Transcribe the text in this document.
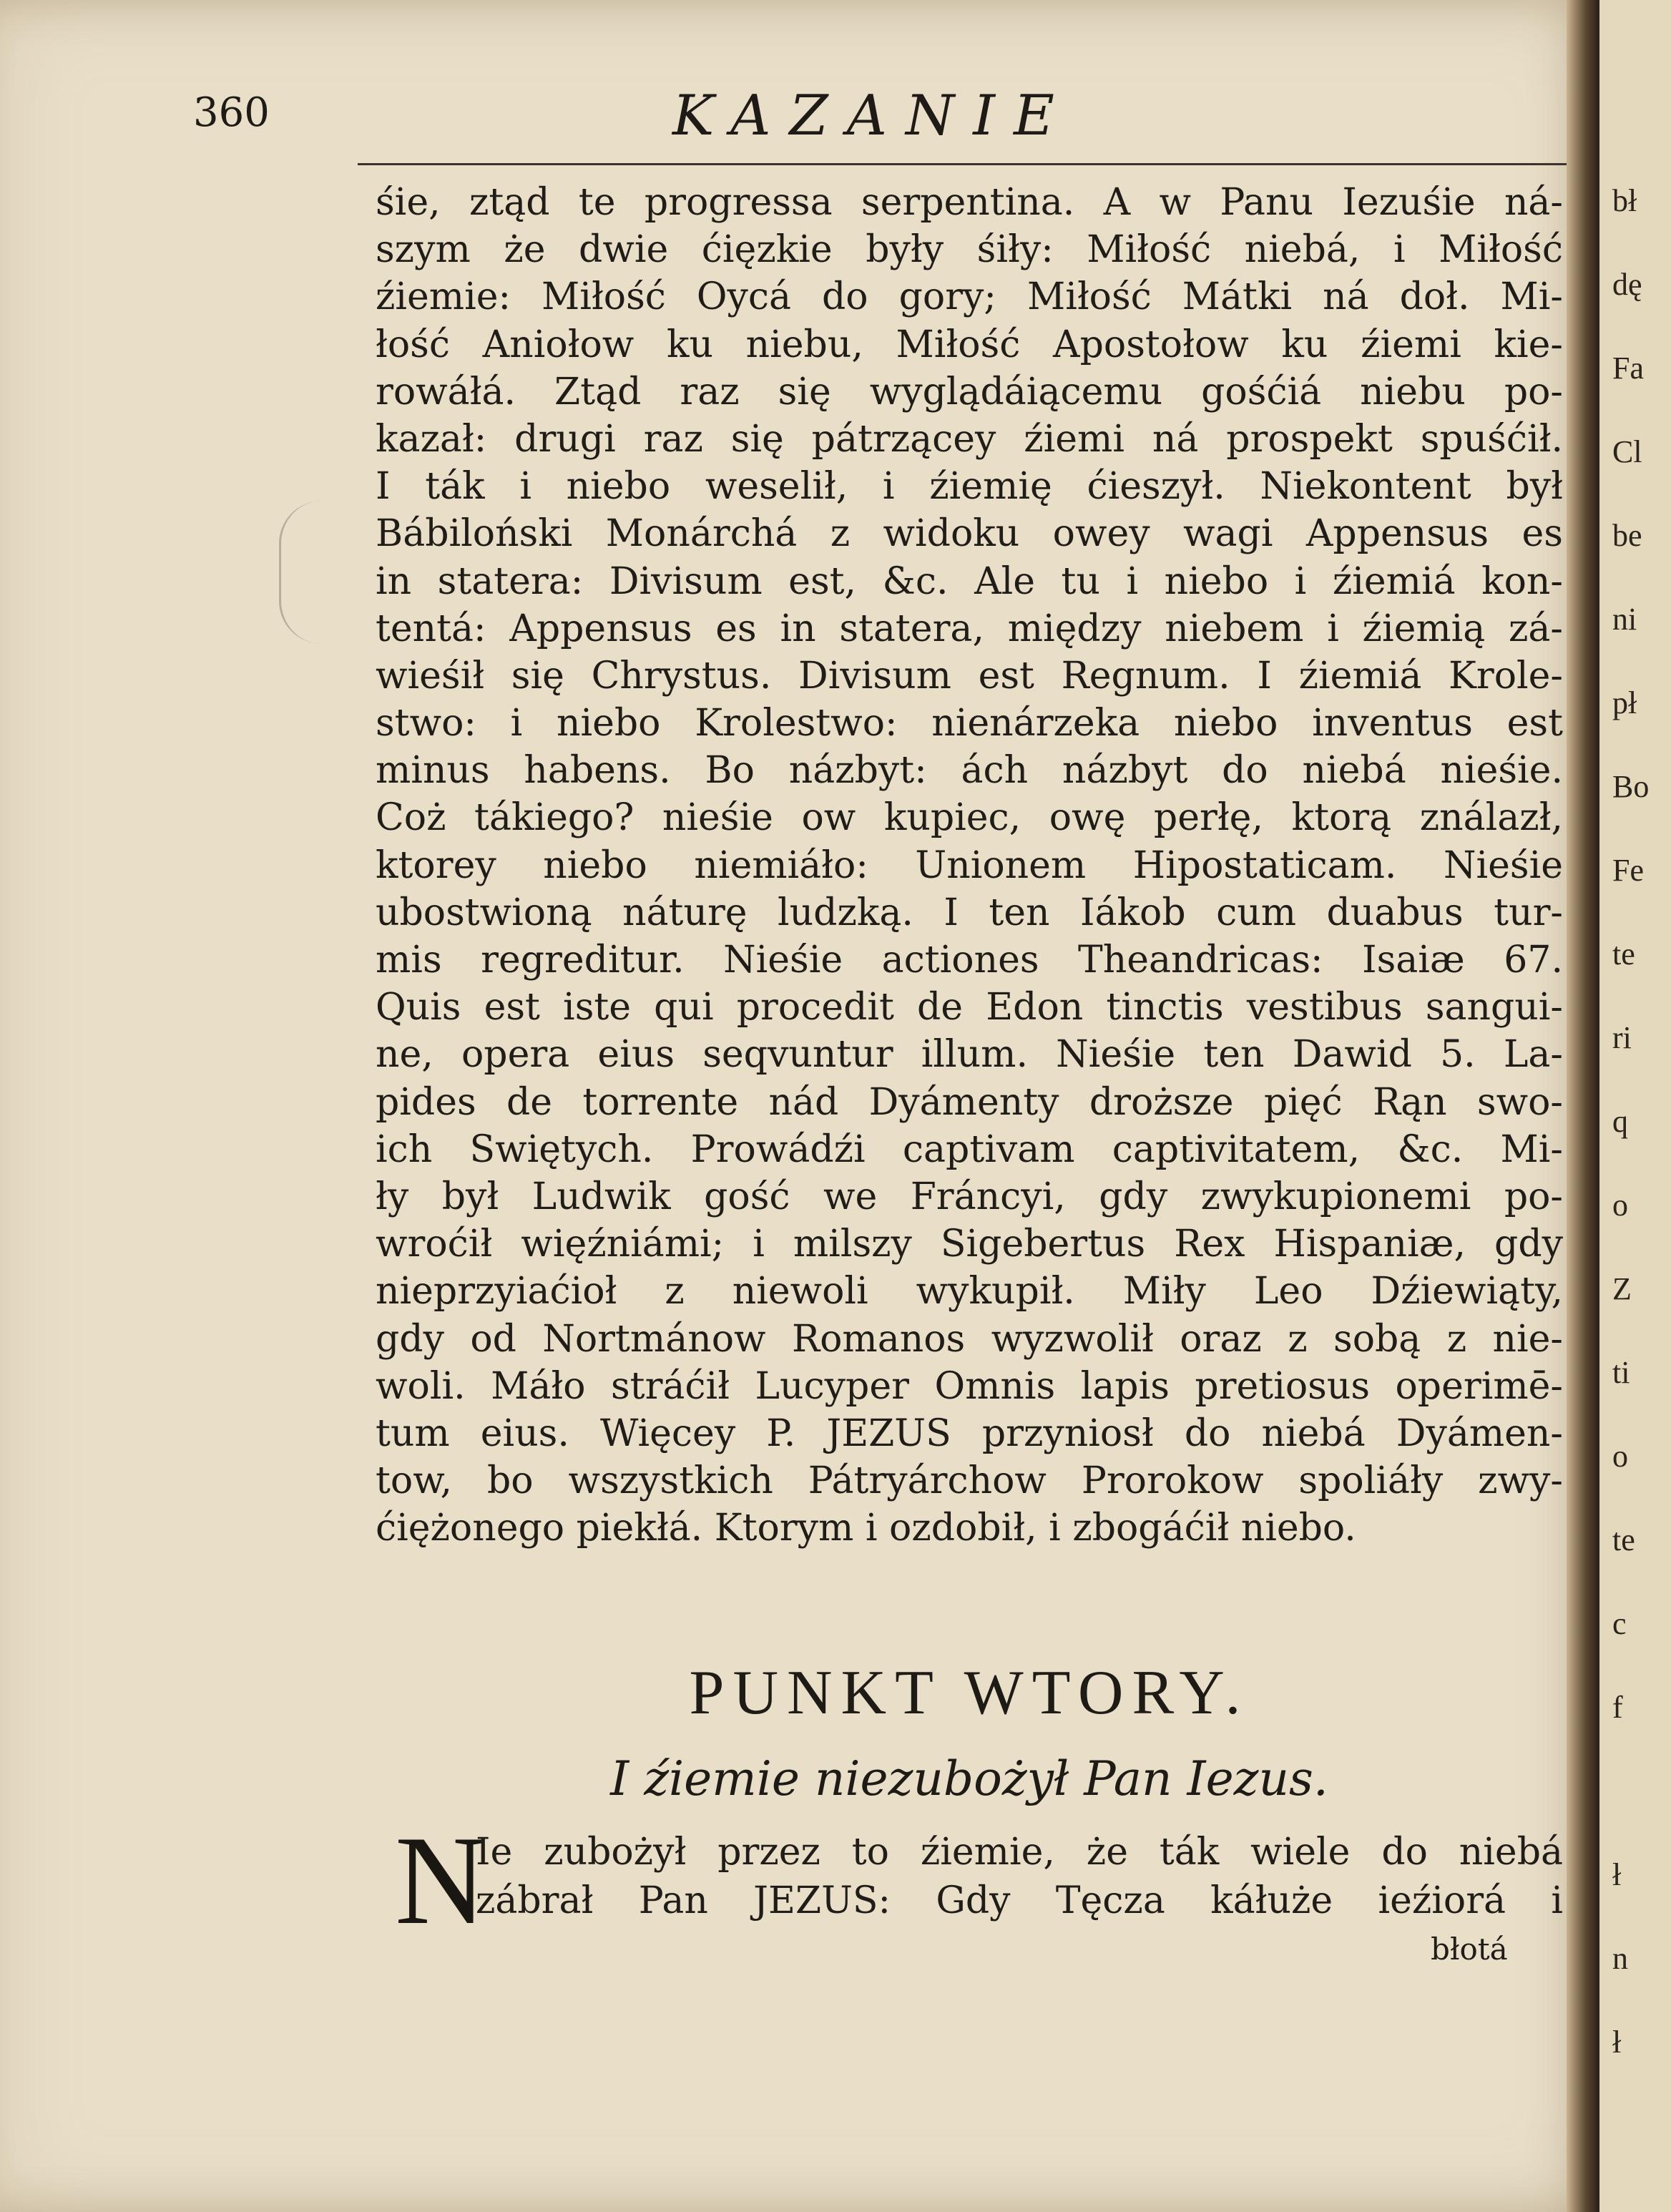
360	KAZANIE
śie, ztąd te progressa serpentina. A w Panu Iezuśie ná-
szym że dwie ćięzkie były śiły: Miłość niebá, i Miłość
źiemie: Miłość Oycá do gory; Miłość Mátki ná doł. Mi-
łość Aniołow ku niebu, Miłość Apostołow ku źiemi kie-
rowáłá. Ztąd raz się wyglądáiącemu gośćiá niebu po-
kazał: drugi raz się pátrzącey źiemi ná prospekt spuśćił.
I ták i niebo weselił, i źiemię ćieszył. Niekontent był
Bábiloński Monárchá z widoku owey wagi Appensus es
in statera: Divisum est, &c. Ale tu i niebo i źiemiá kon-
tentá: Appensus es in statera, między niebem i źiemią zá-
wieśił się Chrystus. Divisum est Regnum. I źiemiá Krole-
stwo: i niebo Krolestwo: nienárzeka niebo inventus est
minus habens. Bo názbyt: ách názbyt do niebá nieśie.
Coż tákiego? nieśie ow kupiec, owę perłę, ktorą ználazł,
ktorey niebo niemiáło: Unionem Hipostaticam. Nieśie
ubostwioną náturę ludzką. I ten Iákob cum duabus tur-
mis regreditur. Nieśie actiones Theandricas: Isaiæ 67.
Quis est iste qui procedit de Edon tinctis vestibus sangui-
ne, opera eius seqvuntur illum. Nieśie ten Dawid 5. La-
pides de torrente nád Dyámenty droższe pięć Rąn swo-
ich Swiętych. Prowádźi captivam captivitatem, &c. Mi-
ły był Ludwik gość we Fráncyi, gdy zwykupionemi po-
wroćił więźniámi; i milszy Sigebertus Rex Hispaniæ, gdy
nieprzyiaćioł z niewoli wykupił. Miły Leo Dźiewiąty,
gdy od Nortmánow Romanos wyzwolił oraz z sobą z nie-
woli. Máło stráćił Lucyper Omnis lapis pretiosus operimē-
tum eius. Więcey P. JEZUS przyniosł do niebá Dyámen-
tow, bo wszystkich Pátryárchow Prorokow spoliáły zwy-
ćiężonego piekłá. Ktorym i ozdobił, i zbogáćił niebo.
PUNKT WTORY.
I źiemie niezubożył Pan Iezus.
N
Ie zubożył przez to źiemie, że ták wiele do niebá
zábrał Pan JEZUS: Gdy Tęcza káłuże ieźiorá i
błotá
bł
dę
Fa
Cl
be
ni
pł
Bo
Fe
te
ri
q
o
Z
ti
o
te
c
f
ł
n
ł
